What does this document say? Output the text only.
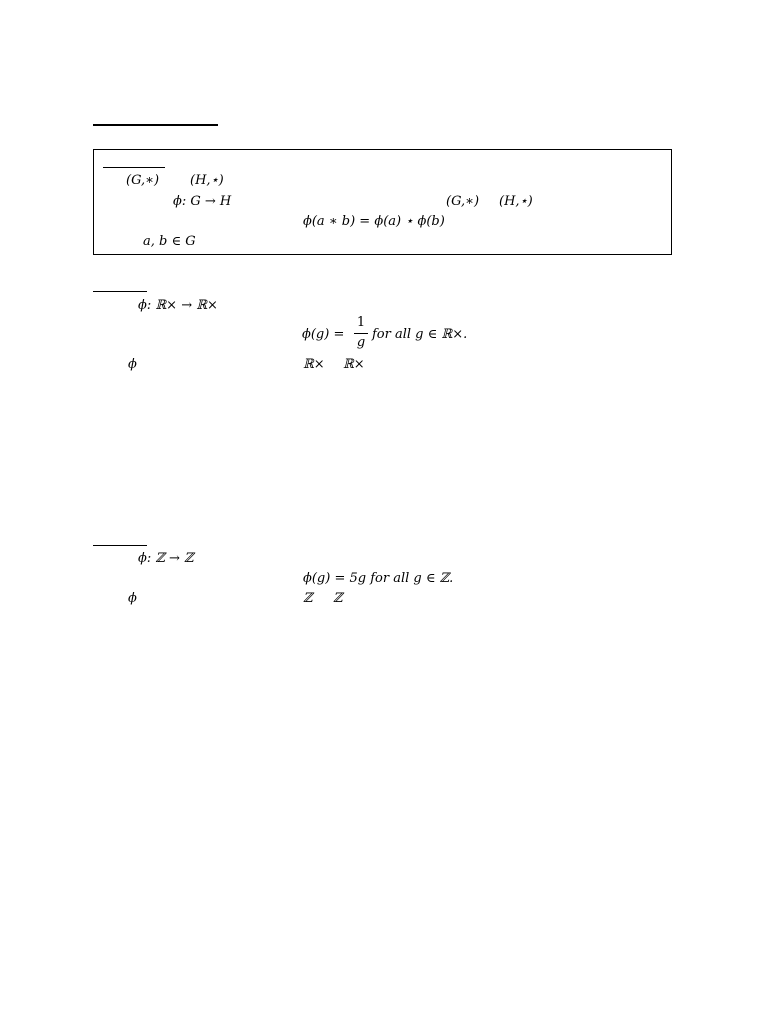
(G,∗) (H,⋆)
ϕ: G → H	(G,∗) (H,⋆)
ϕ(a ∗ b) = ϕ(a) ⋆ ϕ(b)
a, b ∈ G
ϕ: ℝ× → ℝ×
ϕ(g) =
1
g
for all g ∈ ℝ×.
ϕ	ℝ× ℝ×
ϕ: ℤ → ℤ
ϕ(g) = 5g for all g ∈ ℤ.
ϕ	ℤ ℤ
